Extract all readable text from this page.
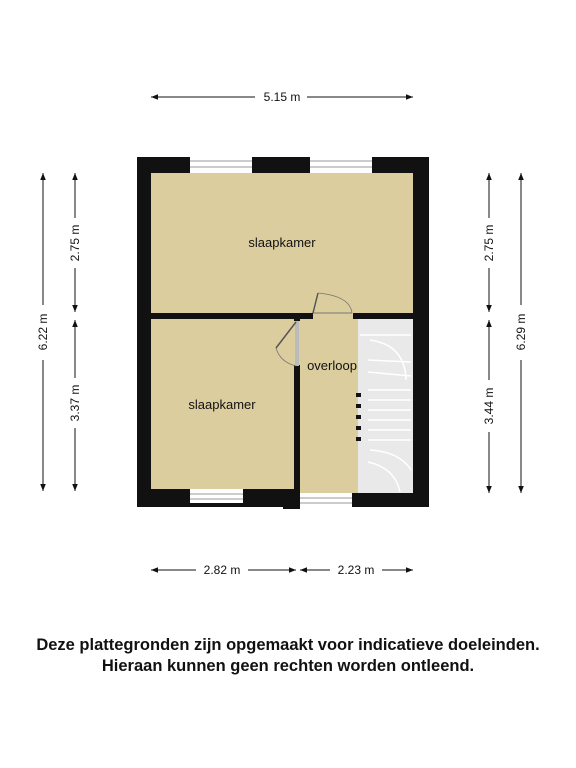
slaapkamer
slaapkamer
overloop
5.15 m
6.22 m
2.75 m
3.37 m
2.75 m
3.44 m
6.29 m
2.82 m	2.23 m
Deze plattegronden zijn opgemaakt voor indicatieve doeleinden.
Hieraan kunnen geen rechten worden ontleend.
